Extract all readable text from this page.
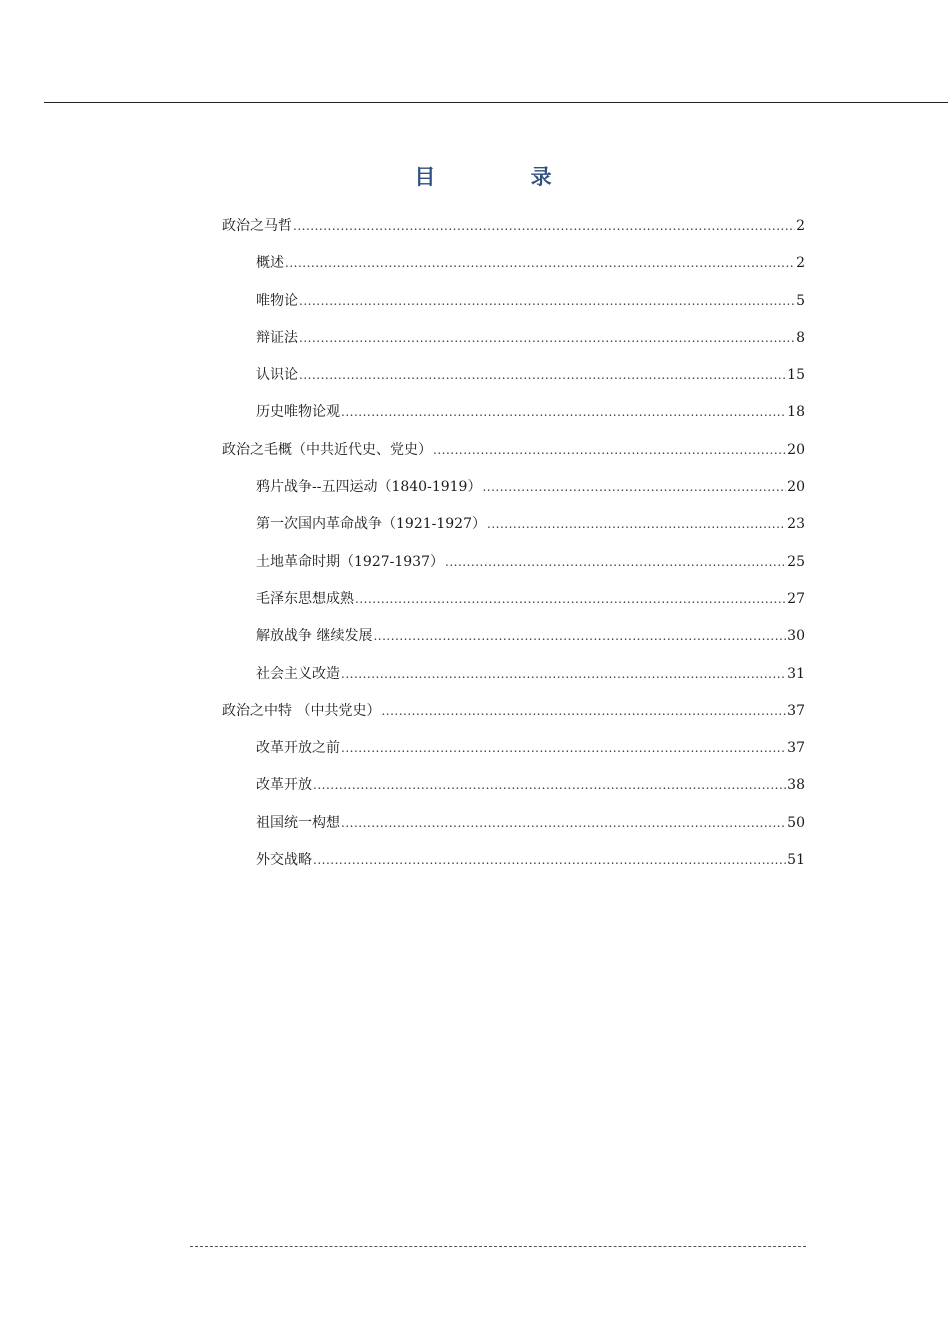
目 录
政治之马哲 .....	2
概述 .....	2
唯物论 .....	5
辩证法 .....	8
认识论 .....	15
历史唯物论观 .....	18
政治之毛概（中共近代史、党史） .....	20
鸦片战争--五四运动（1840-1919） .....	20
第一次国内革命战争（1921-1927） .....	23
土地革命时期（1927-1937） .....	25
毛泽东思想成熟 .....	27
解放战争 继续发展 .....	30
社会主义改造 .....	31
政治之中特 （中共党史） .....	37
改革开放之前 .....	37
改革开放 .....	38
祖国统一构想 .....	50
外交战略 .....	51
